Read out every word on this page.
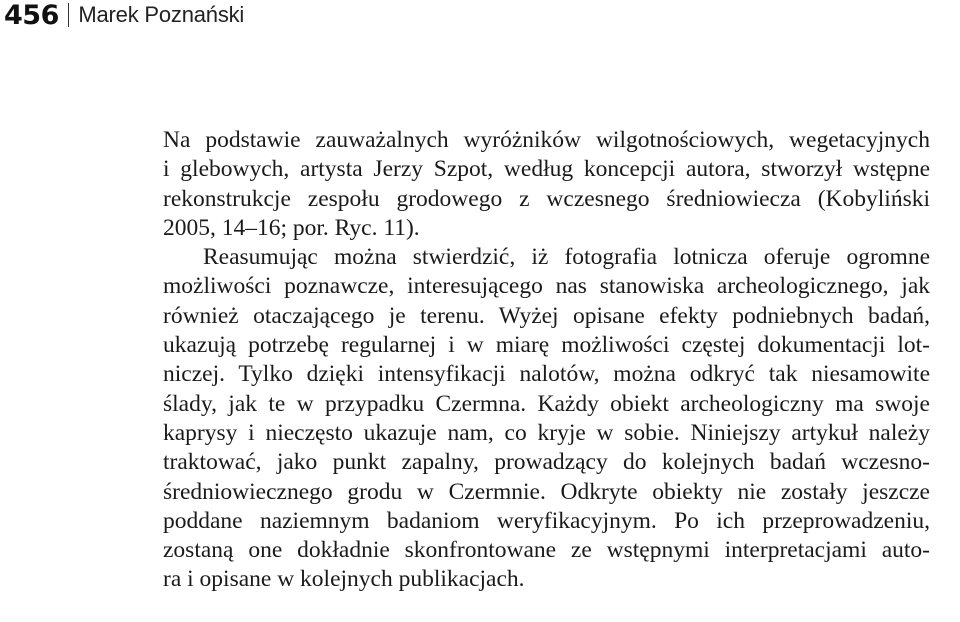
456 Marek Poznański
Na podstawie zauważalnych wyróżników wilgotnościowych, wegetacyjnych
i glebowych, artysta Jerzy Szpot, według koncepcji autora, stworzył wstępne
rekonstrukcje zespołu grodowego z wczesnego średniowiecza (Kobyliński
2005, 14–16; por. Ryc. 11).
Reasumując można stwierdzić, iż fotografia lotnicza oferuje ogromne
możliwości poznawcze, interesującego nas stanowiska archeologicznego, jak
również otaczającego je terenu. Wyżej opisane efekty podniebnych badań,
ukazują potrzebę regularnej i w miarę możliwości częstej dokumentacji lot-
niczej. Tylko dzięki intensyfikacji nalotów, można odkryć tak niesamowite
ślady, jak te w przypadku Czermna. Każdy obiekt archeologiczny ma swoje
kaprysy i nieczęsto ukazuje nam, co kryje w sobie. Niniejszy artykuł należy
traktować, jako punkt zapalny, prowadzący do kolejnych badań wczesno-
średniowiecznego grodu w Czermnie. Odkryte obiekty nie zostały jeszcze
poddane naziemnym badaniom weryfikacyjnym. Po ich przeprowadzeniu,
zostaną one dokładnie skonfrontowane ze wstępnymi interpretacjami auto-
ra i opisane w kolejnych publikacjach.
